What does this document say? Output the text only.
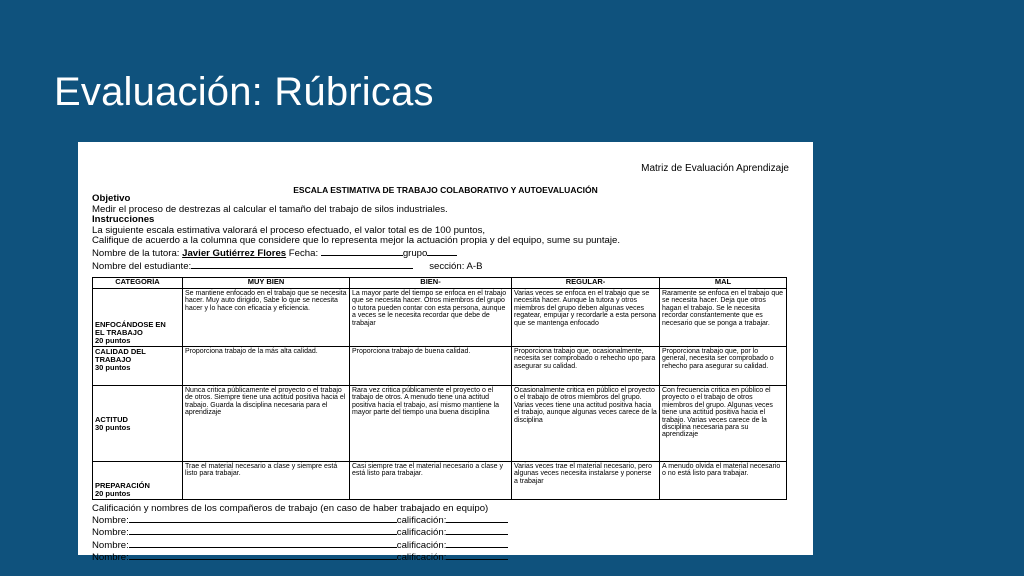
Evaluación: Rúbricas
Matriz de Evaluación Aprendizaje
ESCALA ESTIMATIVA DE TRABAJO COLABORATIVO Y AUTOEVALUACIÓN
Objetivo
Medir el proceso de destrezas al calcular el tamaño del trabajo de silos industriales.
Instrucciones
La siguiente escala estimativa valorará el proceso efectuado, el valor total es de 100 puntos,
Califique de acuerdo a la columna que considere que lo representa mejor la actuación propia y del equipo, sume su puntaje.
Nombre de la tutora:
Javier Gutiérrez Flores
Fecha:
	grupo
Nombre del estudiante:
	sección: A-B
CATEGORÍA	MUY BIEN	BIEN-	REGULAR-	MAL

ENFOCÁNDOSE EN
EL TRABAJO
20 puntos	Se mantiene enfocado en el trabajo que se necesita hacer. Muy auto dirigido, Sabe lo que se necesita hacer y lo hace con eficacia y eficiencia.	La mayor parte del tiempo se enfoca en el trabajo que se necesita hacer. Otros miembros del grupo o tutora pueden contar con esta persona, aunque a veces se le necesita recordar que debe de trabajar	Varias veces se enfoca en el trabajo que se necesita hacer. Aunque la tutora y otros miembros del grupo deben algunas veces regatear, empujar y recordarle a esta persona que se mantenga enfocado	Raramente se enfoca en el trabajo que se necesita hacer. Deja que otros hagan el trabajo. Se le necesita recordar constantemente que es necesario que se ponga a trabajar.

CALIDAD DEL
TRABAJO
30 puntos	Proporciona trabajo de la más alta calidad.	Proporciona trabajo de buena calidad.	Proporciona trabajo que, ocasionalmente, necesita ser comprobado o rehecho upo para asegurar su calidad.	Proporciona trabajo que, por lo general, necesita ser comprobado o rehecho para asegurar su calidad.

ACTITUD
30 puntos	Nunca critica públicamente el proyecto o el trabajo de otros. Siempre tiene una actitud positiva hacia el trabajo. Guarda la disciplina necesaria para el aprendizaje	Rara vez critica públicamente el proyecto o el trabajo de otros. A menudo tiene una actitud positiva hacia el trabajo, así mismo mantiene la mayor parte del tiempo una buena disciplina	Ocasionalmente critica en público el proyecto o el trabajo de otros miembros del grupo. Varias veces tiene una actitud positiva hacia el trabajo, aunque algunas veces carece de la disciplina	Con frecuencia critica en público el proyecto o el trabajo de otros miembros del grupo. Algunas veces tiene una actitud positiva hacia el trabajo. Varias veces carece de la disciplina necesaria para su aprendizaje

PREPARACIÓN
20 puntos	Trae el material necesario a clase y siempre está listo para trabajar.	Casi siempre trae el material necesario a clase y está listo para trabajar.	Varias veces trae el material necesario, pero algunas veces necesita instalarse y ponerse a trabajar	A menudo olvida el material necesario o no está listo para trabajar.
Calificación y nombres de los compañeros de trabajo (en caso de haber trabajado en equipo)
Nombre:	calificación:
Nombre:	calificación:
Nombre:	calificación:
Nombre:	calificación:
